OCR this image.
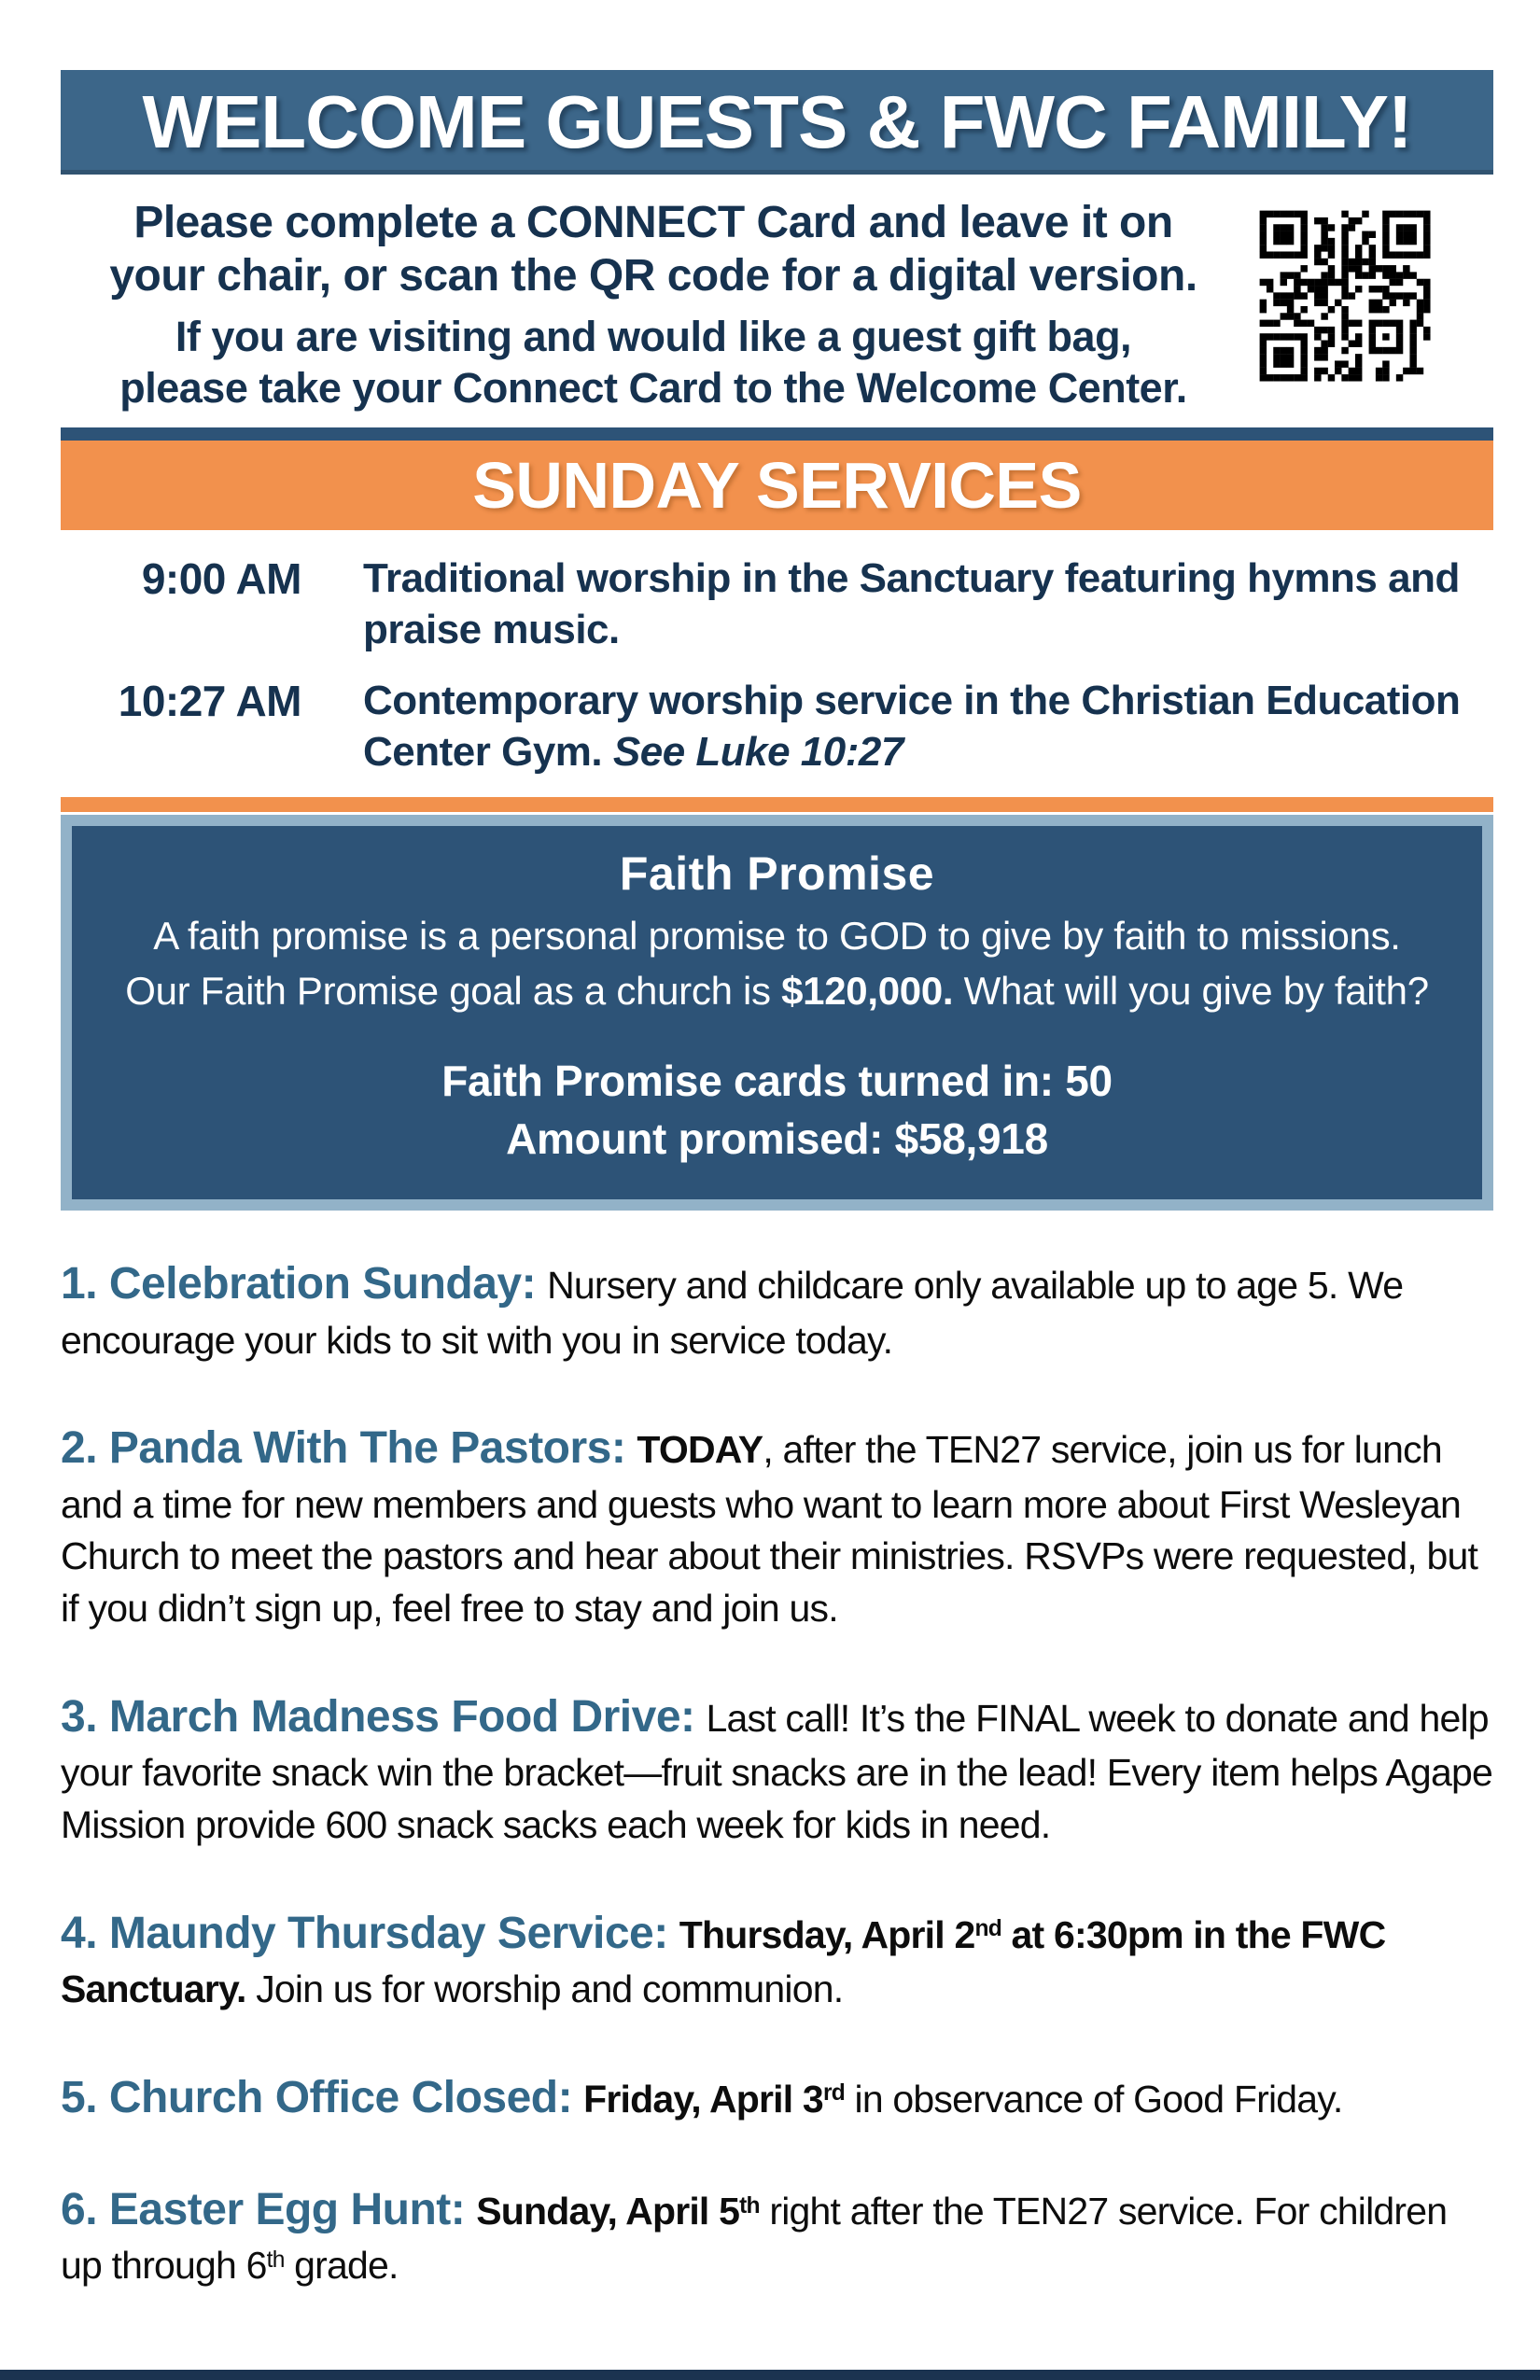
WELCOME GUESTS & FWC FAMILY!
Please complete a CONNECT Card and leave it on your chair, or scan the QR code for a digital version.
If you are visiting and would like a guest gift bag, please take your Connect Card to the Welcome Center.
SUNDAY SERVICES
9:00 AM Traditional worship in the Sanctuary featuring hymns and praise music.
10:27 AM Contemporary worship service in the Christian Education Center Gym. See Luke 10:27
Faith Promise
A faith promise is a personal promise to GOD to give by faith to missions.
Our Faith Promise goal as a church is $120,000. What will you give by faith?
Faith Promise cards turned in: 50
Amount promised: $58,918

1. Celebration Sunday: Nursery and childcare only available up to age 5. We encourage your kids to sit with you in service today.

2. Panda With The Pastors: TODAY, after the TEN27 service, join us for lunch and a time for new members and guests who want to learn more about First Wesleyan Church to meet the pastors and hear about their ministries. RSVPs were requested, but if you didn’t sign up, feel free to stay and join us.

3. March Madness Food Drive: Last call! It’s the FINAL week to donate and help your favorite snack win the bracket—fruit snacks are in the lead! Every item helps Agape Mission provide 600 snack sacks each week for kids in need.

4. Maundy Thursday Service: Thursday, April 2nd at 6:30pm in the FWC Sanctuary. Join us for worship and communion.

5. Church Office Closed: Friday, April 3rd in observance of Good Friday.

6. Easter Egg Hunt: Sunday, April 5th right after the TEN27 service. For children up through 6th grade.
